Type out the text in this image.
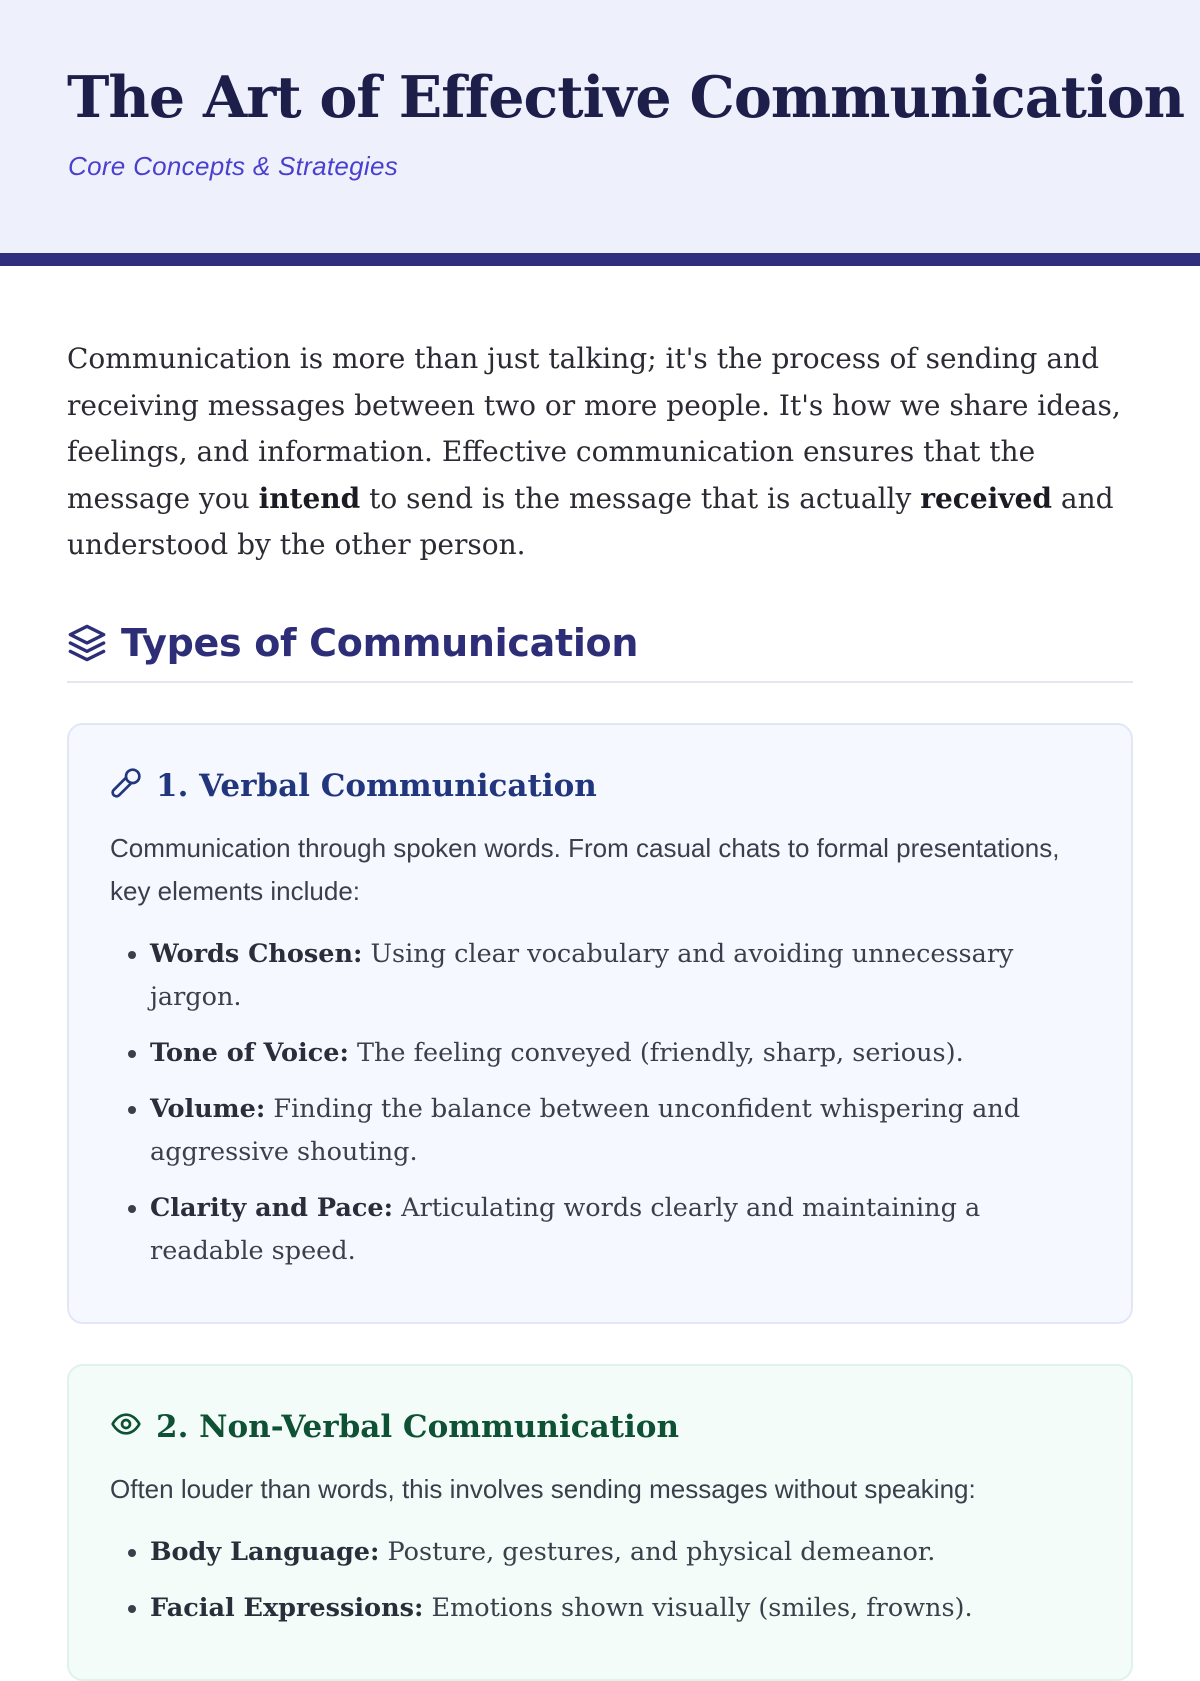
The Art of Effective Communication

Core Concepts & Strategies

Communication is more than just talking; it's the process of sending and receiving messages between two or more people. It's how we share ideas, feelings, and information. Effective communication ensures that the message you intend to send is the message that is actually received and understood by the other person.

Types of Communication
1. Verbal Communication

Communication through spoken words. From casual chats to formal presentations, key elements include:

• Words Chosen: Using clear vocabulary and avoiding unnecessary jargon.
• Tone of Voice: The feeling conveyed (friendly, sharp, serious).
• Volume: Finding the balance between unconfident whispering and aggressive shouting.
• Clarity and Pace: Articulating words clearly and maintaining a readable speed.
2. Non-Verbal Communication

Often louder than words, this involves sending messages without speaking:

• Body Language: Posture, gestures, and physical demeanor.
• Facial Expressions: Emotions shown visually (smiles, frowns).
